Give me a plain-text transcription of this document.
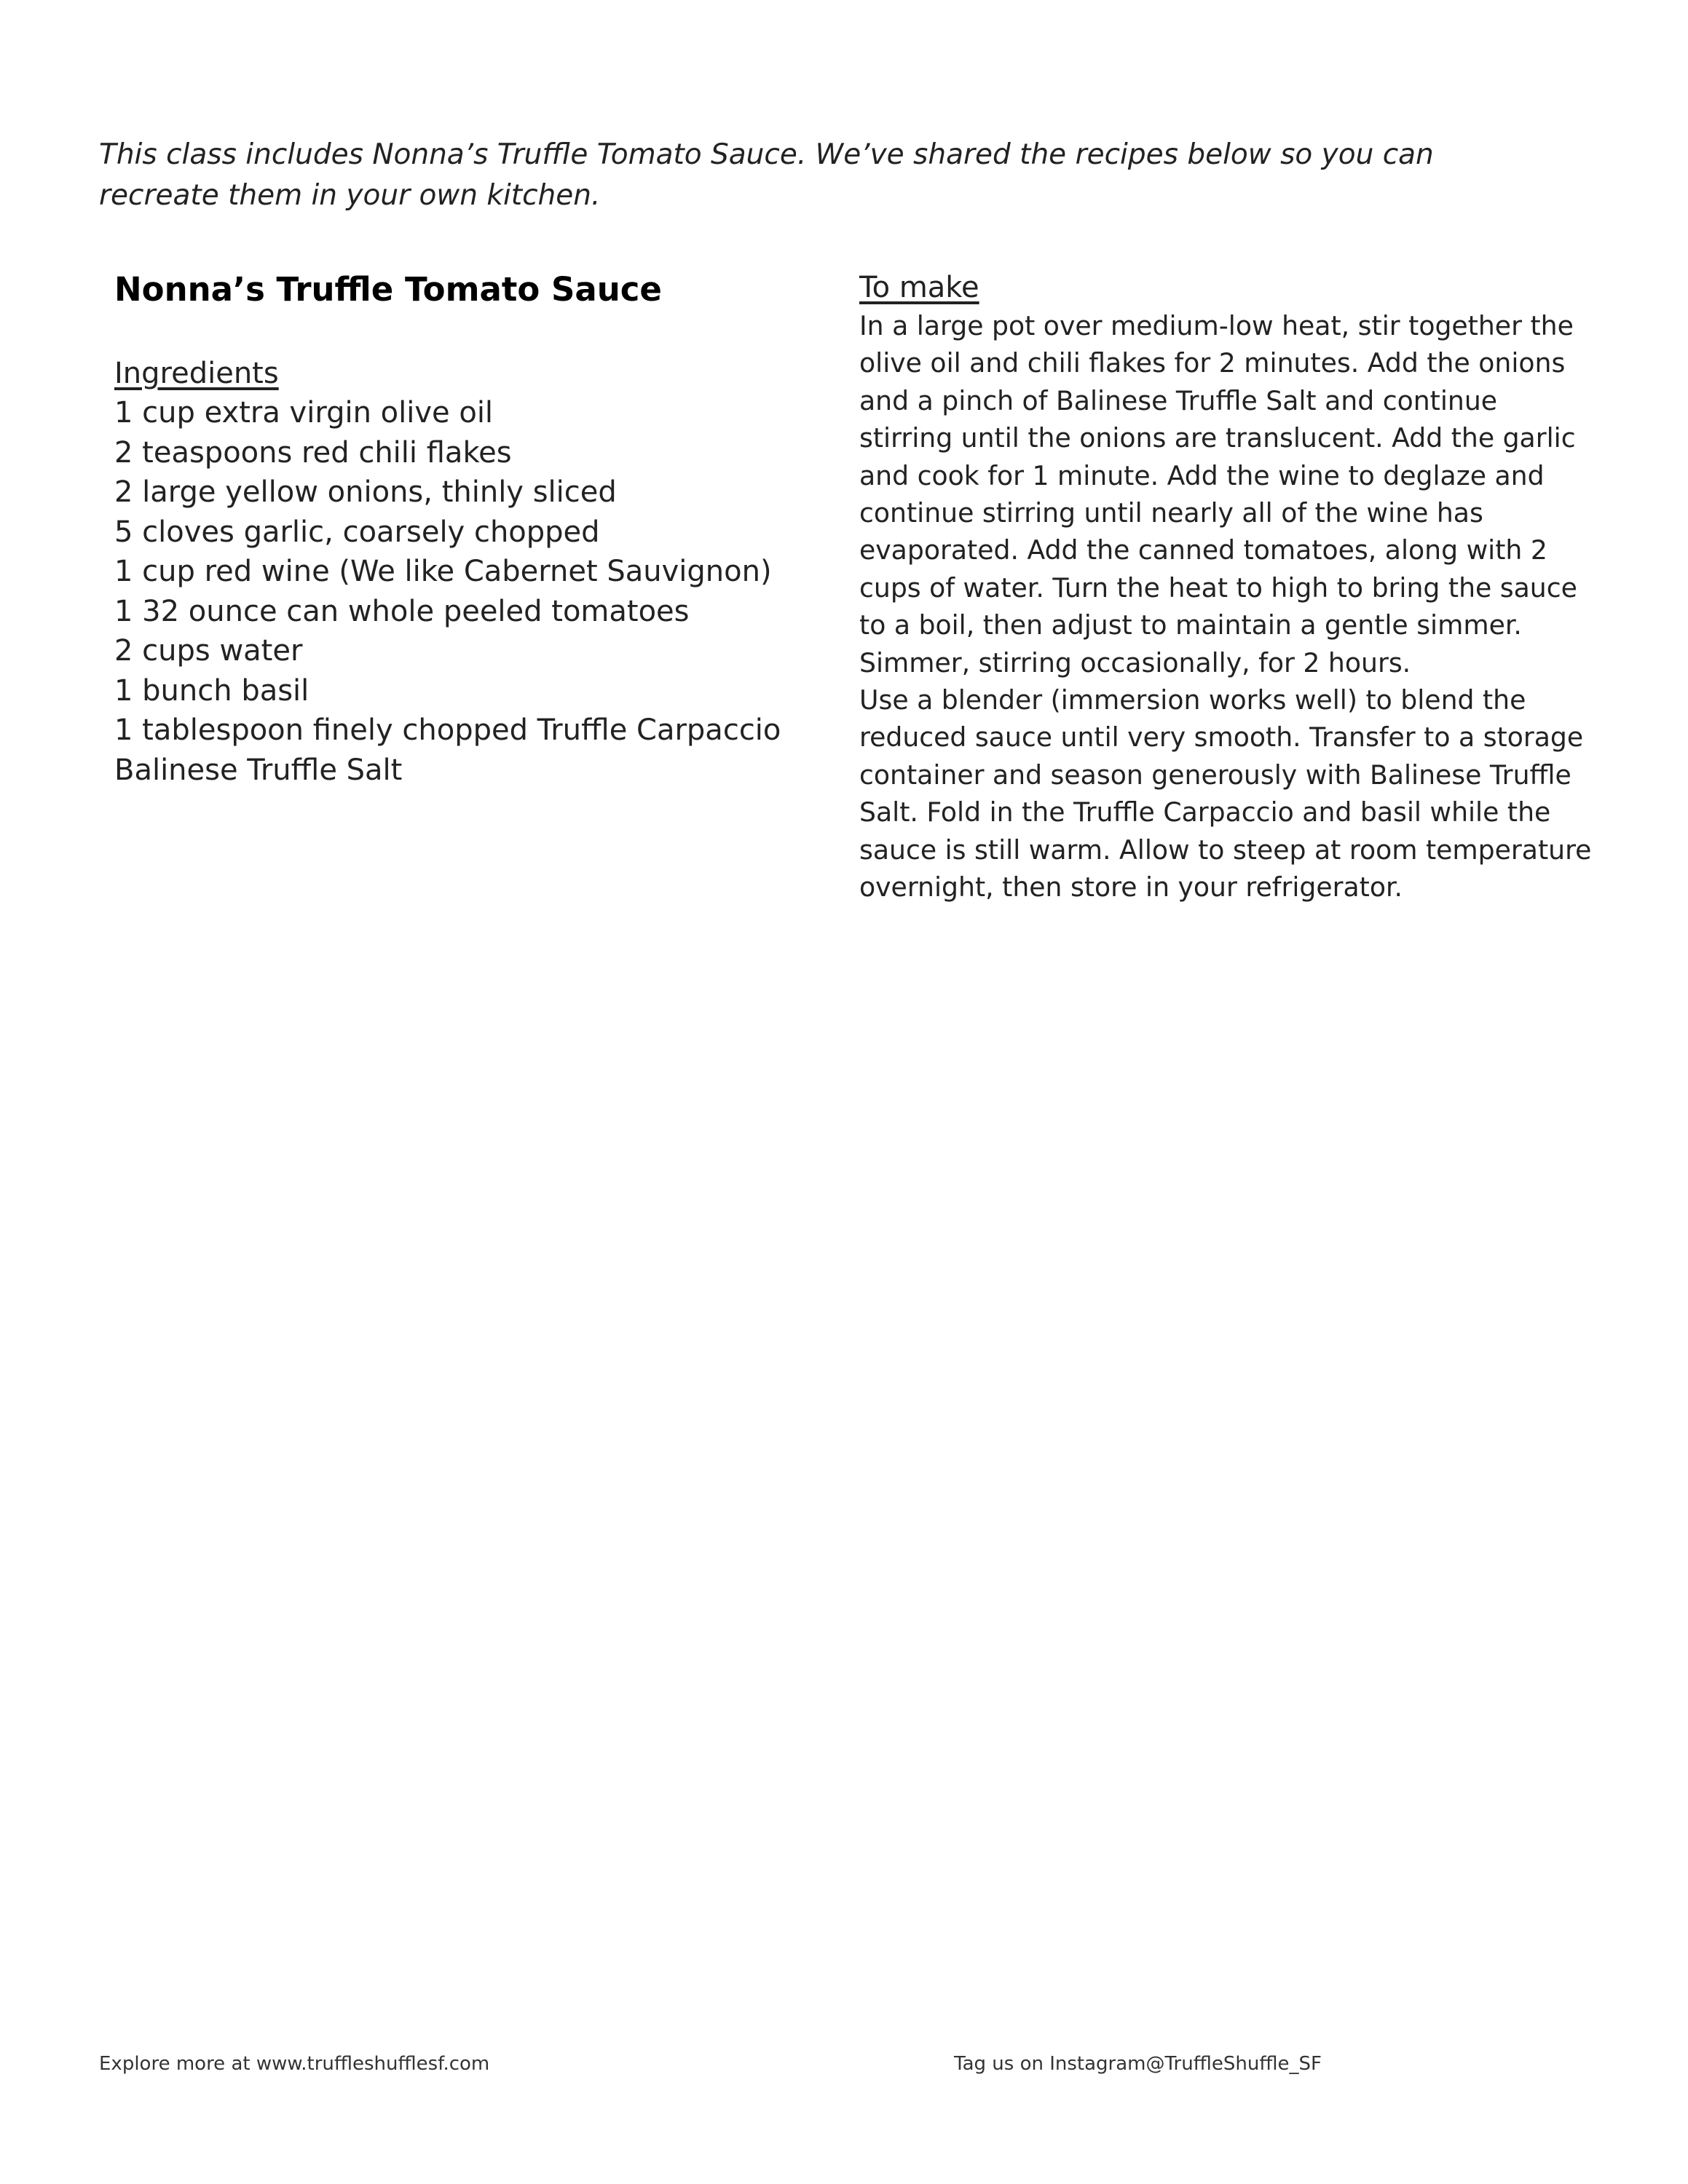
This class includes Nonna’s Truffle Tomato Sauce. We’ve shared the recipes below so you can recreate them in your own kitchen.

Nonna’s Truffle Tomato Sauce

Ingredients

1 cup extra virgin olive oil
2 teaspoons red chili flakes
2 large yellow onions, thinly sliced
5 cloves garlic, coarsely chopped
1 cup red wine (We like Cabernet Sauvignon)
1 32 ounce can whole peeled tomatoes
2 cups water
1 bunch basil
1 tablespoon finely chopped Truffle Carpaccio
Balinese Truffle Salt

To make

In a large pot over medium-low heat, stir together the olive oil and chili flakes for 2 minutes. Add the onions and a pinch of Balinese Truffle Salt and continue stirring until the onions are translucent. Add the garlic and cook for 1 minute. Add the wine to deglaze and continue stirring until nearly all of the wine has evaporated. Add the canned tomatoes, along with 2 cups of water. Turn the heat to high to bring the sauce to a boil, then adjust to maintain a gentle simmer. Simmer, stirring occasionally, for 2 hours.

Use a blender (immersion works well) to blend the reduced sauce until very smooth. Transfer to a storage container and season generously with Balinese Truffle Salt. Fold in the Truffle Carpaccio and basil while the sauce is still warm. Allow to steep at room temperature overnight, then store in your refrigerator.

Explore more at www.truffleshufflesf.com	Tag us on Instagram@TruffleShuffle_SF
